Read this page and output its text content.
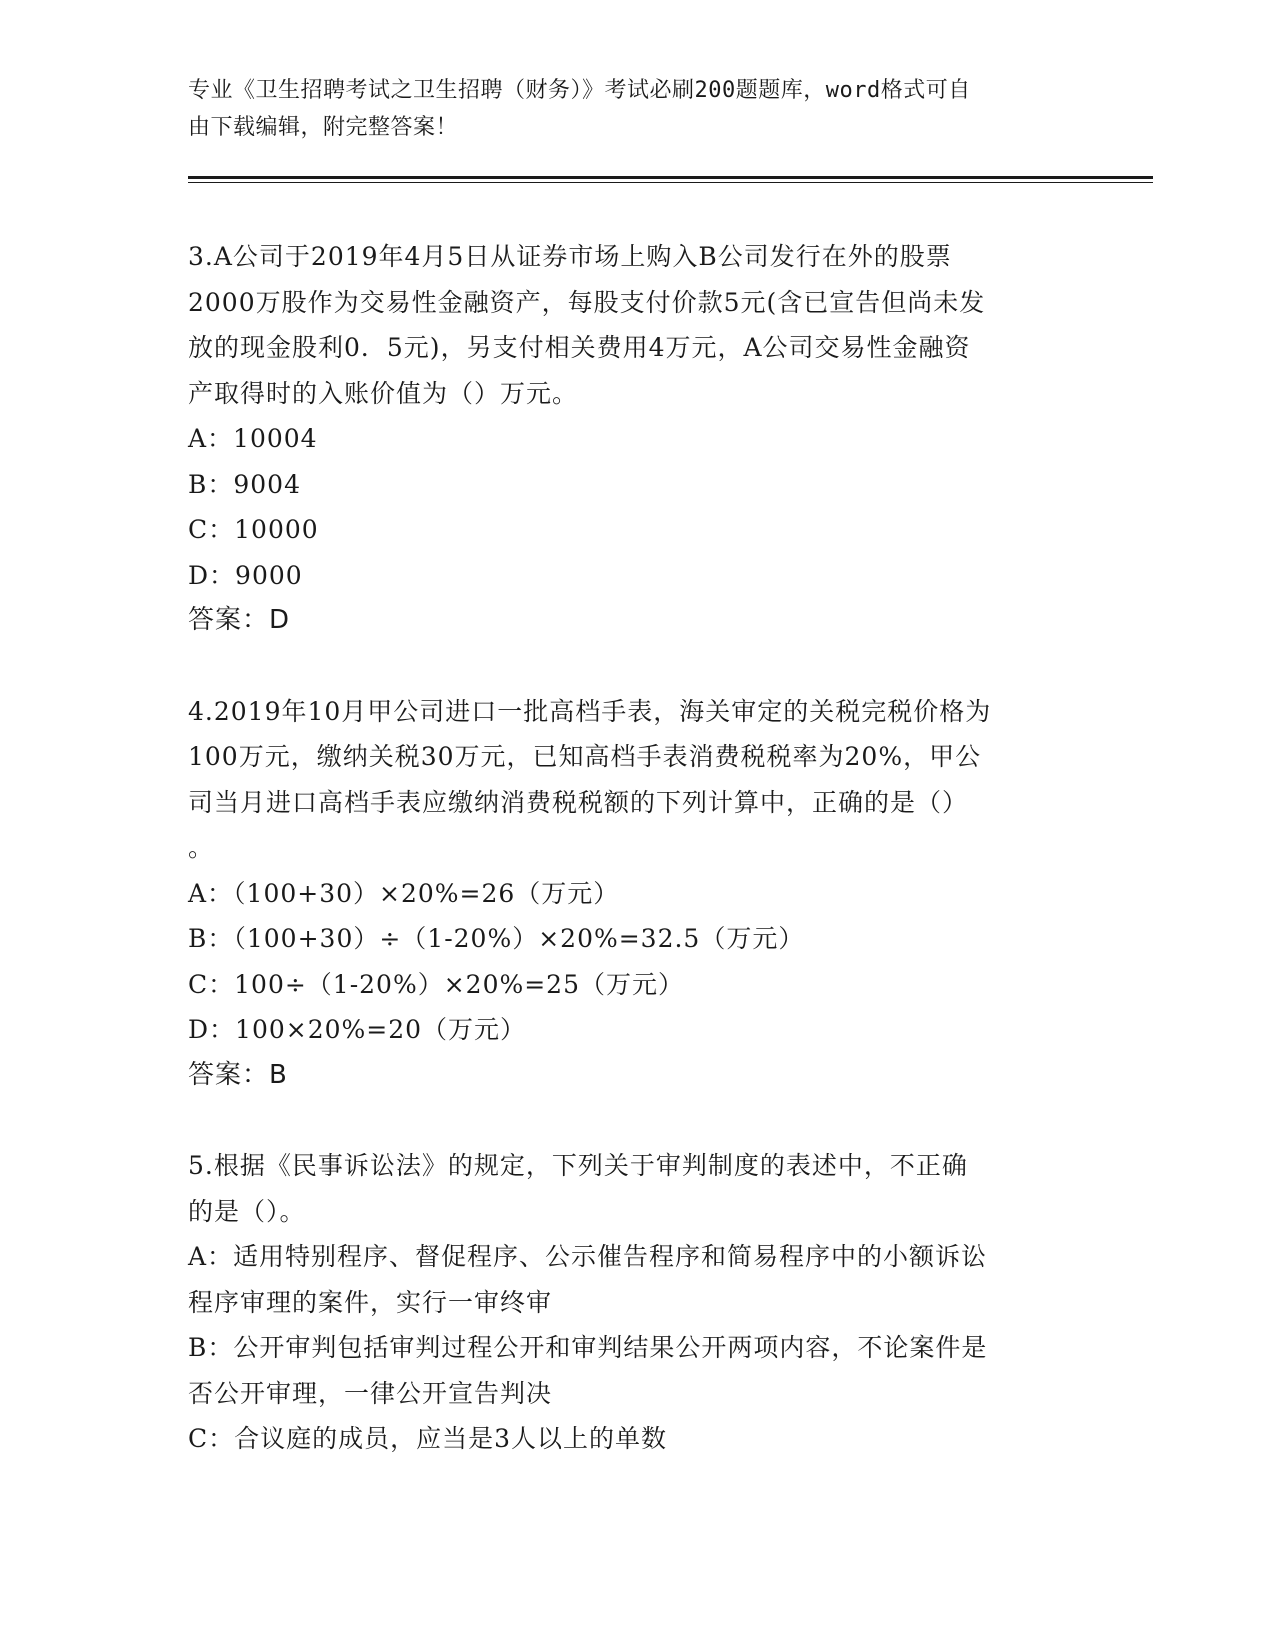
专业《卫生招聘考试之卫生招聘（财务）》考试必刷200题题库，word格式可自
由下载编辑，附完整答案！
3.A公司于2019年4月5日从证券市场上购入B公司发行在外的股票
2000万股作为交易性金融资产，每股支付价款5元(含已宣告但尚未发
放的现金股利0．5元)，另支付相关费用4万元，A公司交易性金融资
产取得时的入账价值为（）万元。
A：10004
B：9004
C：10000
D：9000
答案：D
4.2019年10月甲公司进口一批高档手表，海关审定的关税完税价格为
100万元，缴纳关税30万元，已知高档手表消费税税率为20%，甲公
司当月进口高档手表应缴纳消费税税额的下列计算中，正确的是（）
。
A：（100+30）×20%=26（万元）
B：（100+30）÷（1-20%）×20%=32.5（万元）
C：100÷（1-20%）×20%=25（万元）
D：100×20%=20（万元）
答案：B
5.根据《民事诉讼法》的规定，下列关于审判制度的表述中，不正确
的是（）。
A：适用特别程序、督促程序、公示催告程序和简易程序中的小额诉讼
程序审理的案件，实行一审终审
B：公开审判包括审判过程公开和审判结果公开两项内容，不论案件是
否公开审理，一律公开宣告判决
C：合议庭的成员，应当是3人以上的单数
